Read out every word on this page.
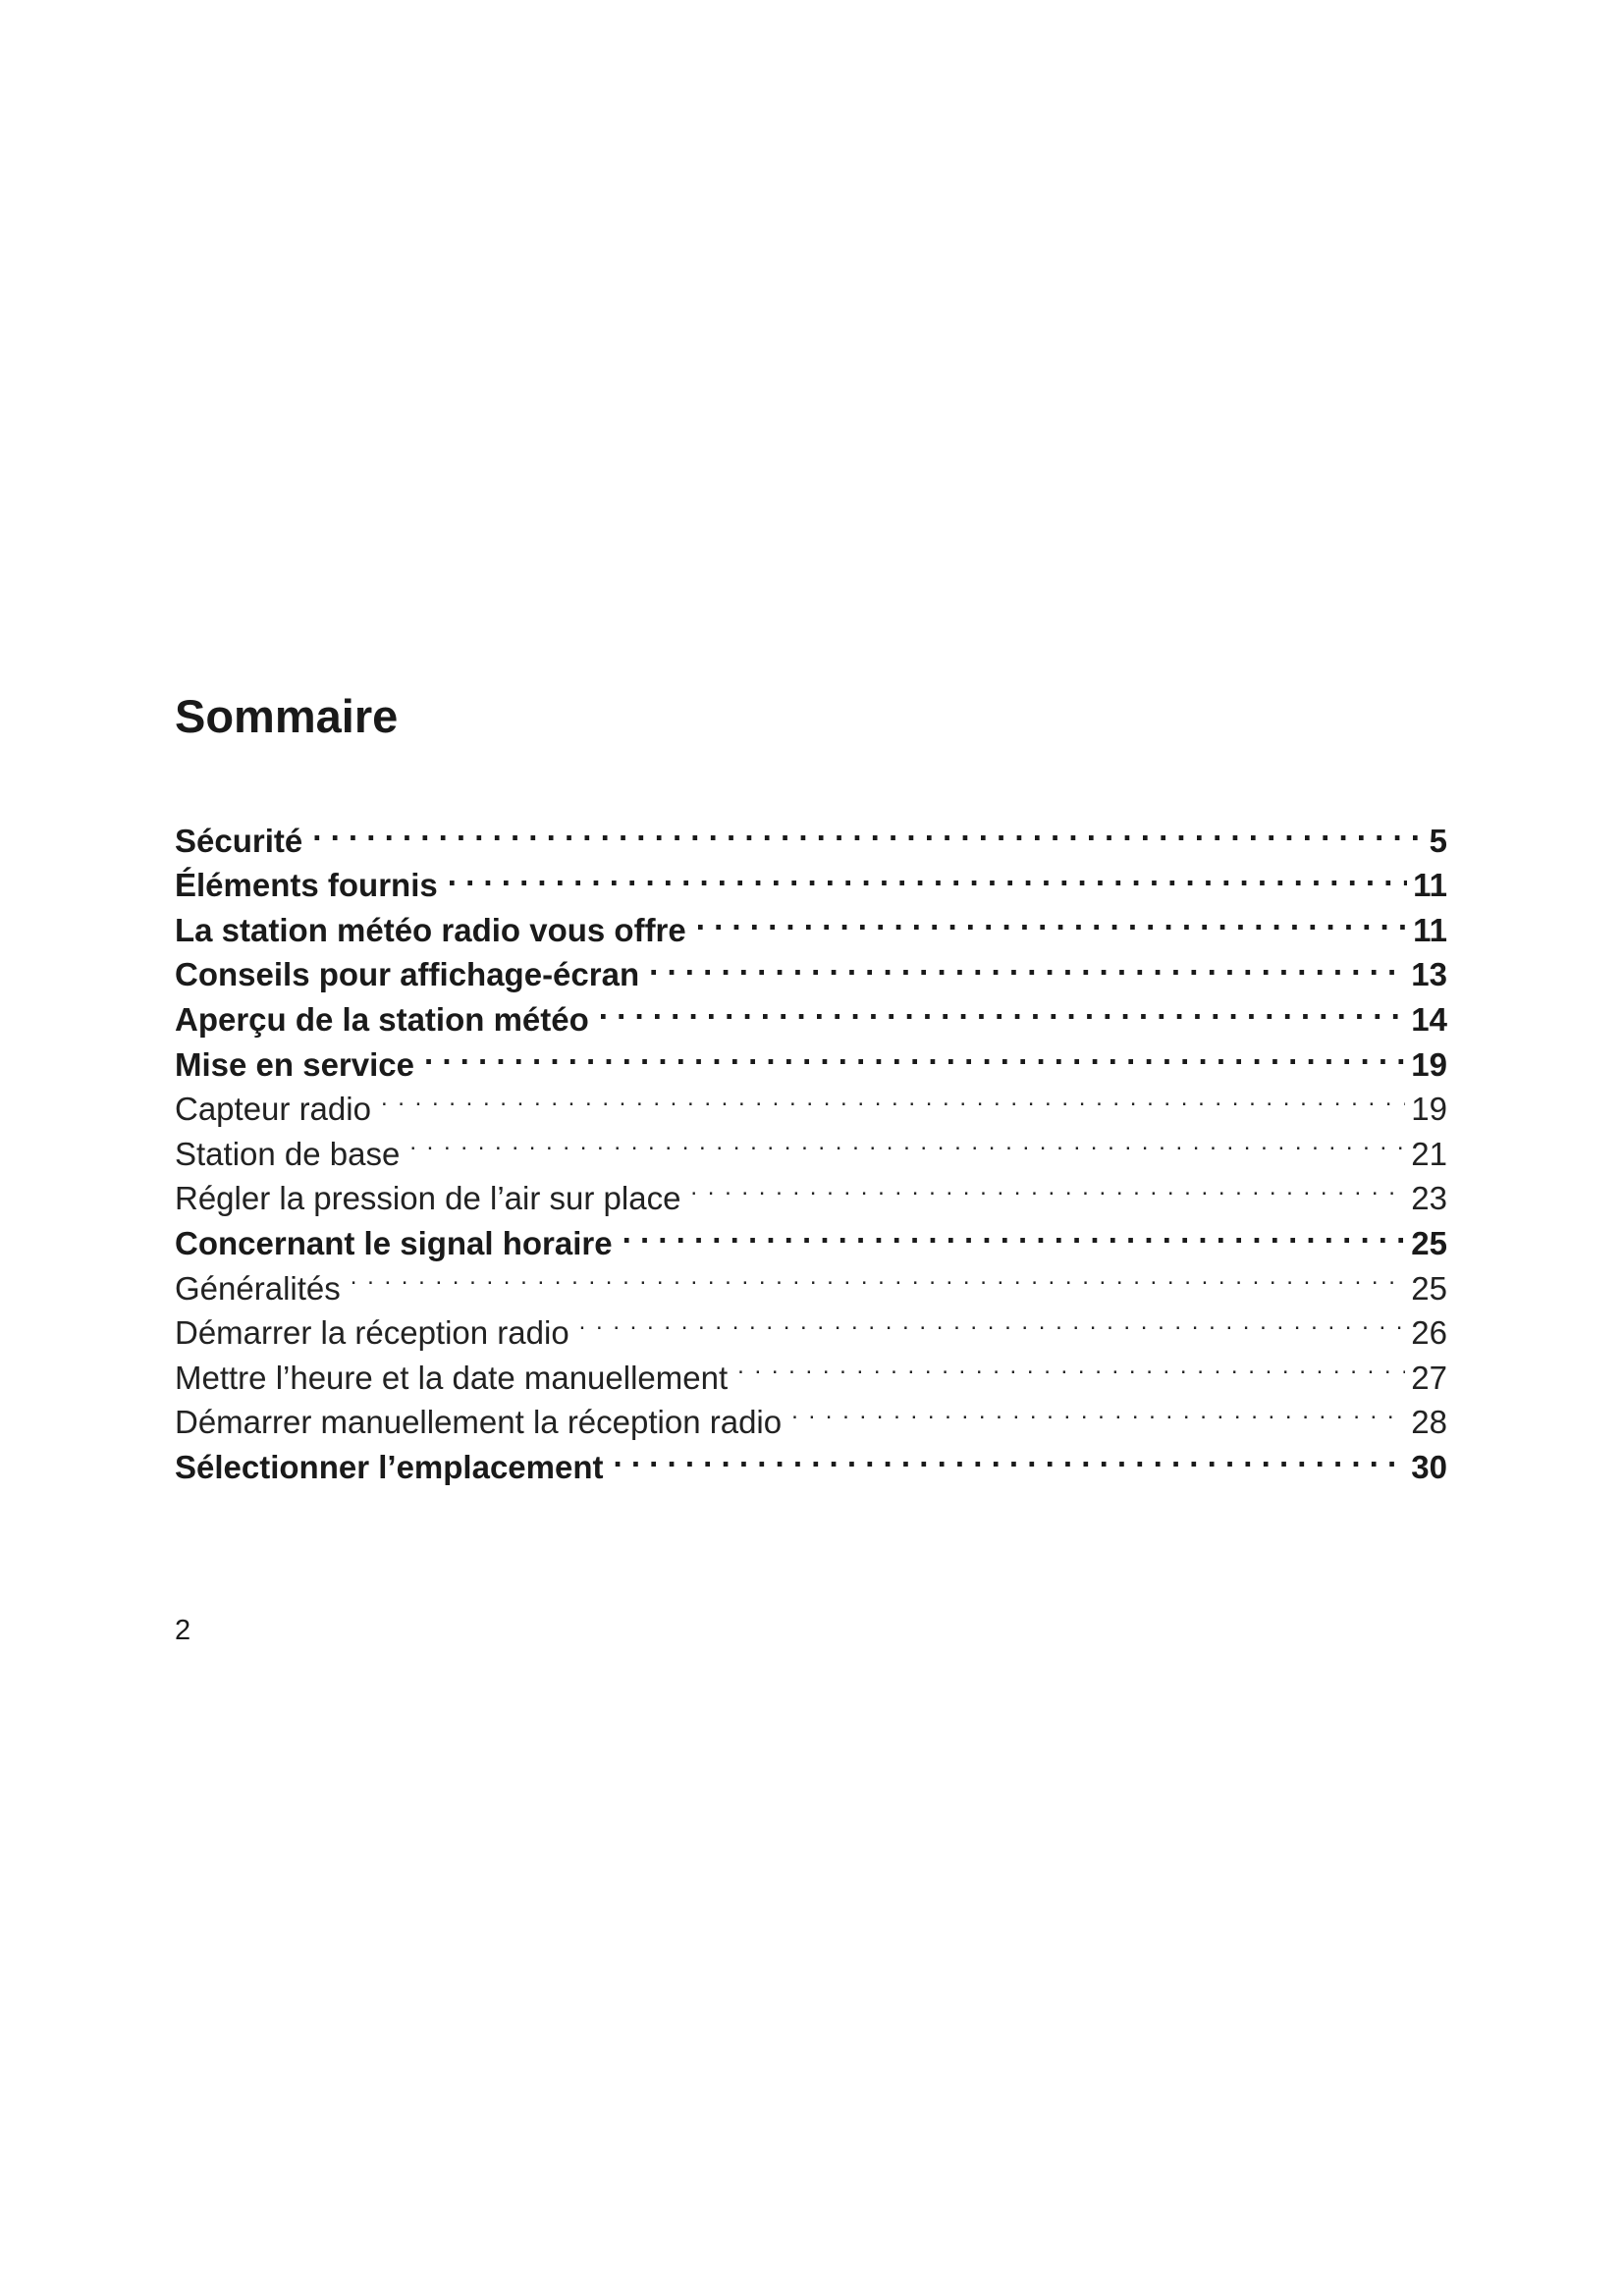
Sommaire
Sécurité . . .	5
Éléments fournis . . .	11
La station météo radio vous offre . . .	11
Conseils pour affichage-écran . . .	13
Aperçu de la station météo . . .	14
Mise en service . . .	19
Capteur radio . . .	19
Station de base . . .	21
Régler la pression de l’air sur place . . .	23
Concernant le signal horaire . . .	25
Généralités . . .	25
Démarrer la réception radio . . .	26
Mettre l’heure et la date manuellement . . .	27
Démarrer manuellement la réception radio . . .	28
Sélectionner l’emplacement . . .	30

2
